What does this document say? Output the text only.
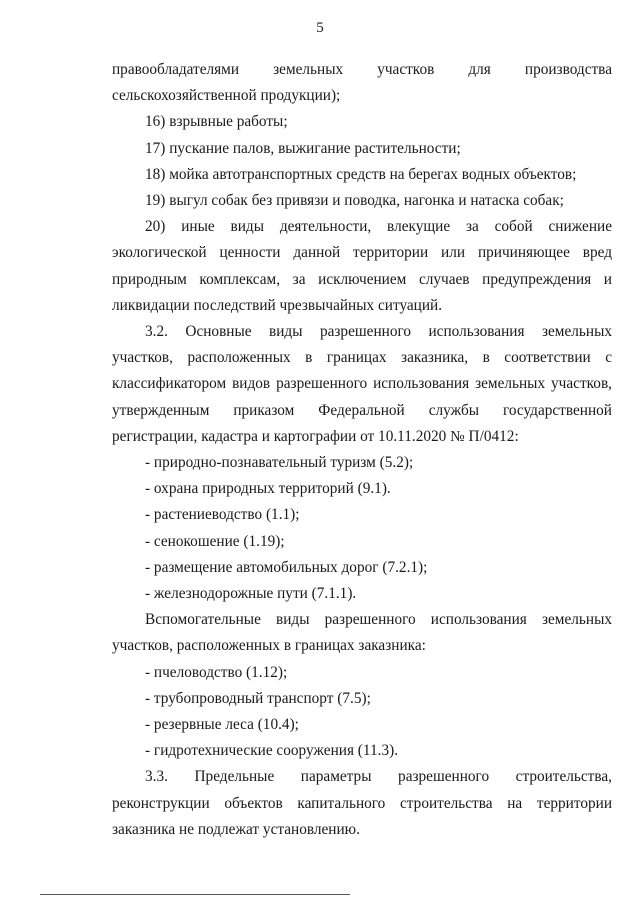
5

правообладателями земельных участков для производства

сельскохозяйственной продукции);

16) взрывные работы;

17) пускание палов, выжигание растительности;

18) мойка автотранспортных средств на берегах водных объектов;

19) выгул собак без привязи и поводка, нагонка и натаска собак;

20) иные виды деятельности, влекущие за собой снижение

экологической ценности данной территории или причиняющее вред

природным комплексам, за исключением случаев предупреждения и

ликвидации последствий чрезвычайных ситуаций.

3.2. Основные виды разрешенного использования земельных

участков, расположенных в границах заказника, в соответствии с

классификатором видов разрешенного использования земельных участков,

утвержденным приказом Федеральной службы государственной

регистрации, кадастра и картографии от 10.11.2020 № П/0412:

- природно-познавательный туризм (5.2);

- охрана природных территорий (9.1).

- растениеводство (1.1);

- сенокошение (1.19);

- размещение автомобильных дорог (7.2.1);

- железнодорожные пути (7.1.1).

Вспомогательные виды разрешенного использования земельных

участков, расположенных в границах заказника:

- пчеловодство (1.12);

- трубопроводный транспорт (7.5);

- резервные леса (10.4);

- гидротехнические сооружения (11.3).

3.3. Предельные параметры разрешенного строительства,

реконструкции объектов капитального строительства на территории

заказника не подлежат установлению.
